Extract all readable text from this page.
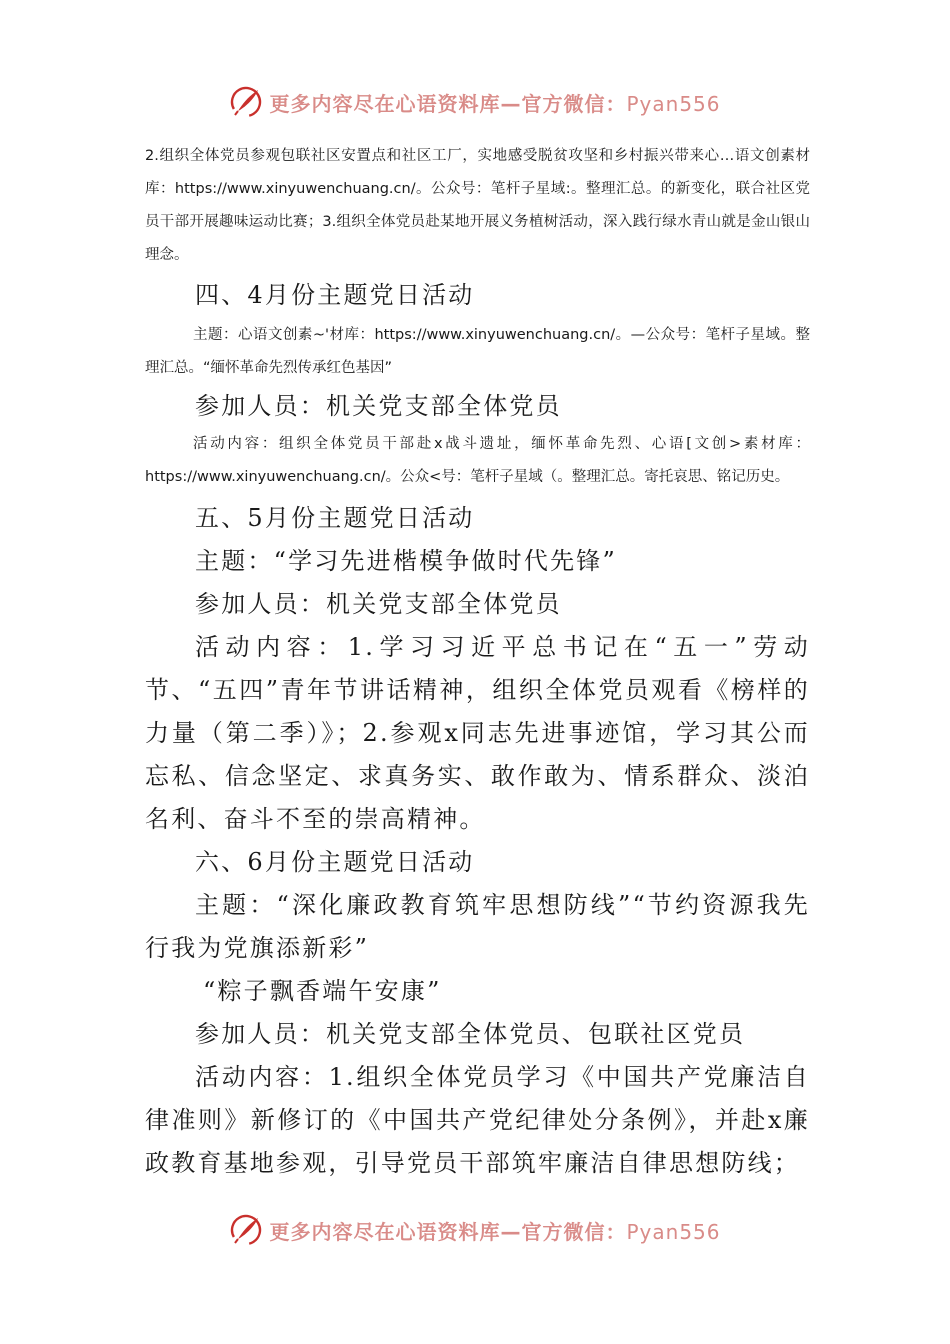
更多内容尽在心语资料库—官方微信：Pyan556

2.组织全体党员参观包联社区安置点和社区工厂，实地感受脱贫攻坚和乡村振兴带来心…语文创素材库：https://www.xinyuwenchuang.cn/。公众号：笔杆子星域:。整理汇总。的新变化，联合社区党员干部开展趣味运动比赛；3.组织全体党员赴某地开展义务植树活动，深入践行绿水青山就是金山银山理念。

四、4月份主题党日活动

主题：心语文创素~'材库：https://www.xinyuwenchuang.cn/。—公众号：笔杆子星域。整理汇总。“缅怀革命先烈传承红色基因”

参加人员：机关党支部全体党员

活动内容：组织全体党员干部赴x战斗遗址，缅怀革命先烈、心语[文创>素材库：https://www.xinyuwenchuang.cn/。公众<号：笔杆子星域（。整理汇总。寄托哀思、铭记历史。

五、5月份主题党日活动

主题：“学习先进楷模争做时代先锋”

参加人员：机关党支部全体党员

活动内容：1.学习习近平总书记在“五一”劳动节、“五四”青年节讲话精神，组织全体党员观看《榜样的力量（第二季）》；2.参观x同志先进事迹馆，学习其公而忘私、信念坚定、求真务实、敢作敢为、情系群众、淡泊名利、奋斗不至的崇高精神。

六、6月份主题党日活动

主题：“深化廉政教育筑牢思想防线”“节约资源我先行我为党旗添新彩”

“粽子飘香端午安康”

参加人员：机关党支部全体党员、包联社区党员

活动内容：1.组织全体党员学习《中国共产党廉洁自律准则》新修订的《中国共产党纪律处分条例》，并赴x廉政教育基地参观，引导党员干部筑牢廉洁自律思想防线；

更多内容尽在心语资料库—官方微信：Pyan556
